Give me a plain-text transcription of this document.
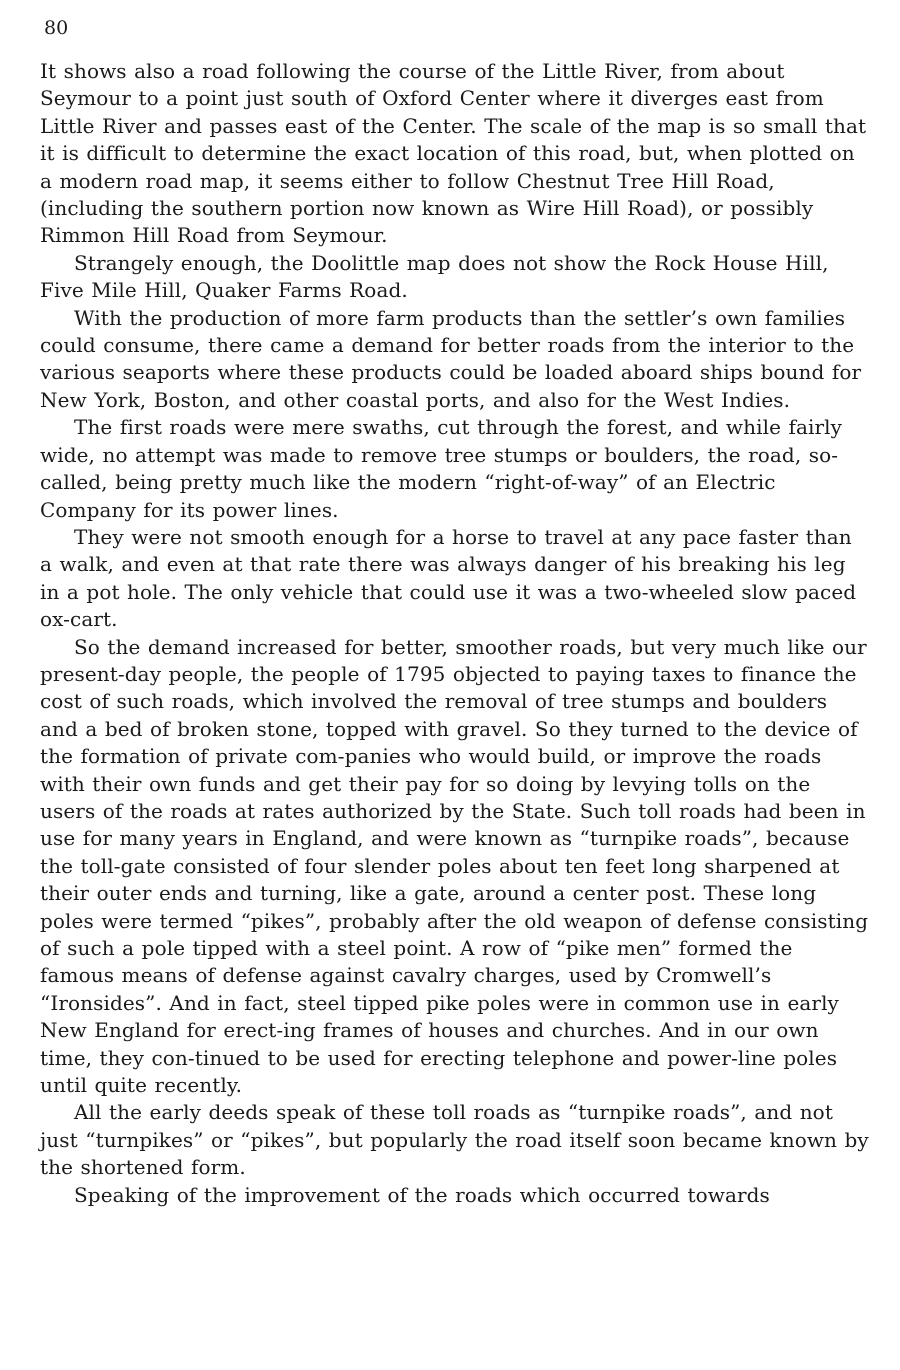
80

It shows also a road following the course of the Little River, from about Seymour to a point just south of Oxford Center where it diverges east from Little River and passes east of the Center. The scale of the map is so small that it is difficult to determine the exact location of this road, but, when plotted on a modern road map, it seems either to follow Chestnut Tree Hill Road, (including the southern portion now known as Wire Hill Road), or possibly Rimmon Hill Road from Seymour.

Strangely enough, the Doolittle map does not show the Rock House Hill, Five Mile Hill, Quaker Farms Road.

With the production of more farm products than the settler’s own families could consume, there came a demand for better roads from the interior to the various seaports where these products could be loaded aboard ships bound for New York, Boston, and other coastal ports, and also for the West Indies.

The first roads were mere swaths, cut through the forest, and while fairly wide, no attempt was made to remove tree stumps or boulders, the road, so-called, being pretty much like the modern “right-of-way” of an Electric Company for its power lines.

They were not smooth enough for a horse to travel at any pace faster than a walk, and even at that rate there was always danger of his breaking his leg in a pot hole. The only vehicle that could use it was a two-wheeled slow paced ox-cart.

So the demand increased for better, smoother roads, but very much like our present-day people, the people of 1795 objected to paying taxes to finance the cost of such roads, which involved the removal of tree stumps and boulders and a bed of broken stone, topped with gravel. So they turned to the device of the formation of private com-panies who would build, or improve the roads with their own funds and get their pay for so doing by levying tolls on the users of the roads at rates authorized by the State. Such toll roads had been in use for many years in England, and were known as “turnpike roads”, because the toll-gate consisted of four slender poles about ten feet long sharpened at their outer ends and turning, like a gate, around a center post. These long poles were termed “pikes”, probably after the old weapon of defense consisting of such a pole tipped with a steel point. A row of “pike men” formed the famous means of defense against cavalry charges, used by Cromwell’s “Ironsides”. And in fact, steel tipped pike poles were in common use in early New England for erect-ing frames of houses and churches. And in our own time, they con-tinued to be used for erecting telephone and power-line poles until quite recently.

All the early deeds speak of these toll roads as “turnpike roads”, and not just “turnpikes” or “pikes”, but popularly the road itself soon became known by the shortened form.

Speaking of the improvement of the roads which occurred towards
